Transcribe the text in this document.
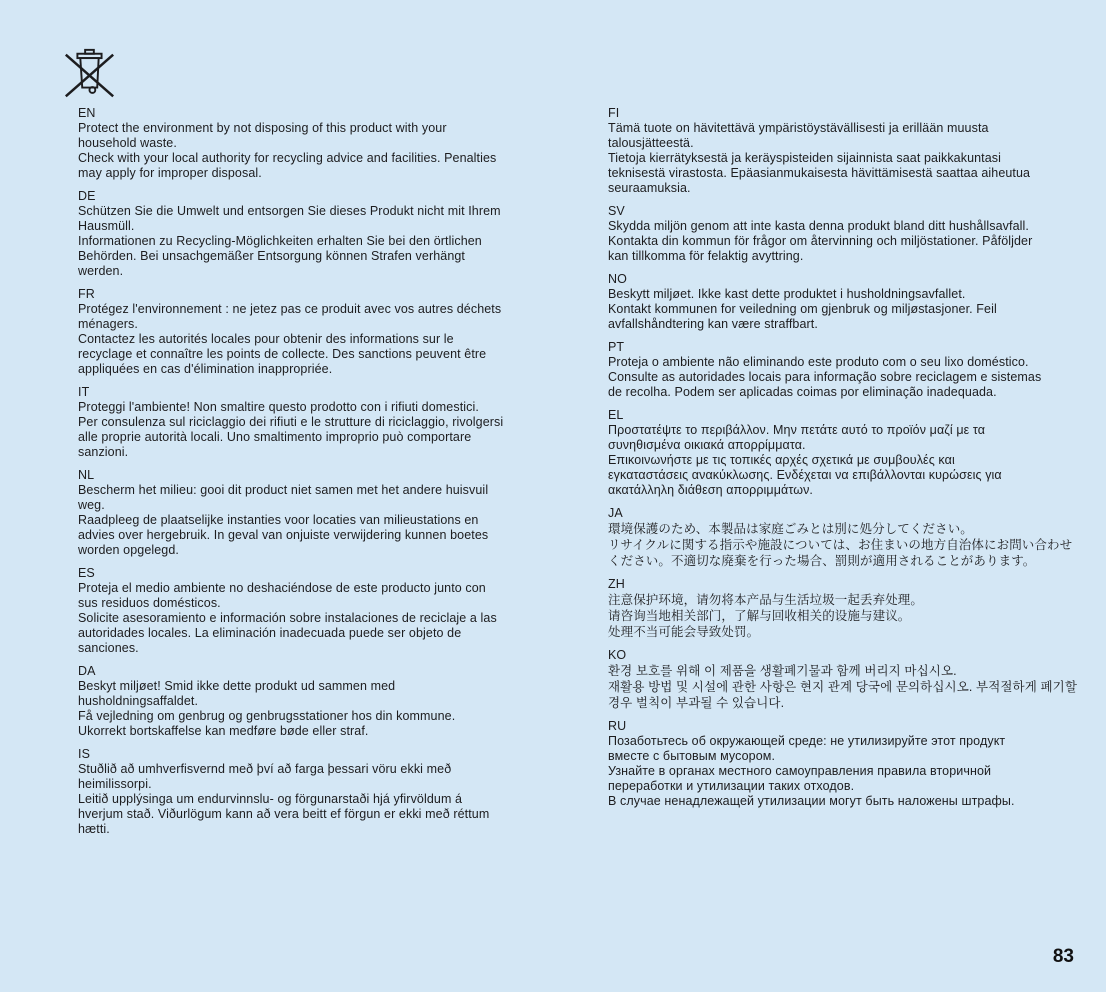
EN
Protect the environment by not disposing of this product with your
household waste.
Check with your local authority for recycling advice and facilities. Penalties
may apply for improper disposal.
DE
Schützen Sie die Umwelt und entsorgen Sie dieses Produkt nicht mit Ihrem
Hausmüll.
Informationen zu Recycling-Möglichkeiten erhalten Sie bei den örtlichen
Behörden. Bei unsachgemäßer Entsorgung können Strafen verhängt
werden.
FR
Protégez l'environnement : ne jetez pas ce produit avec vos autres déchets
ménagers.
Contactez les autorités locales pour obtenir des informations sur le
recyclage et connaître les points de collecte. Des sanctions peuvent être
appliquées en cas d'élimination inappropriée.
IT
Proteggi l'ambiente! Non smaltire questo prodotto con i rifiuti domestici.
Per consulenza sul riciclaggio dei rifiuti e le strutture di riciclaggio, rivolgersi
alle proprie autorità locali. Uno smaltimento improprio può comportare
sanzioni.
NL
Bescherm het milieu: gooi dit product niet samen met het andere huisvuil
weg.
Raadpleeg de plaatselijke instanties voor locaties van milieustations en
advies over hergebruik. In geval van onjuiste verwijdering kunnen boetes
worden opgelegd.
ES
Proteja el medio ambiente no deshaciéndose de este producto junto con
sus residuos domésticos.
Solicite asesoramiento e información sobre instalaciones de reciclaje a las
autoridades locales. La eliminación inadecuada puede ser objeto de
sanciones.
DA
Beskyt miljøet! Smid ikke dette produkt ud sammen med
husholdningsaffaldet.
Få vejledning om genbrug og genbrugsstationer hos din kommune.
Ukorrekt bortskaffelse kan medføre bøde eller straf.
IS
Stuðlið að umhverfisvernd með því að farga þessari vöru ekki með
heimilissorpi.
Leitið upplýsinga um endurvinnslu- og förgunarstaði hjá yfirvöldum á
hverjum stað. Viðurlögum kann að vera beitt ef förgun er ekki með réttum
hætti.
FI
Tämä tuote on hävitettävä ympäristöystävällisesti ja erillään muusta
talousjätteestä.
Tietoja kierrätyksestä ja keräyspisteiden sijainnista saat paikkakuntasi
teknisestä virastosta. Epäasianmukaisesta hävittämisestä saattaa aiheutua
seuraamuksia.
SV
Skydda miljön genom att inte kasta denna produkt bland ditt hushållsavfall.
Kontakta din kommun för frågor om återvinning och miljöstationer. Påföljder
kan tillkomma för felaktig avyttring.
NO
Beskytt miljøet. Ikke kast dette produktet i husholdningsavfallet.
Kontakt kommunen for veiledning om gjenbruk og miljøstasjoner. Feil
avfallshåndtering kan være straffbart.
PT
Proteja o ambiente não eliminando este produto com o seu lixo doméstico.
Consulte as autoridades locais para informação sobre reciclagem e sistemas
de recolha. Podem ser aplicadas coimas por eliminação inadequada.
EL
Προστατέψτε το περιβάλλον. Μην πετάτε αυτό το προϊόν μαζί με τα
συνηθισμένα οικιακά απορρίμματα.
Επικοινωνήστε με τις τοπικές αρχές σχετικά με συμβουλές και
εγκαταστάσεις ανακύκλωσης. Ενδέχεται να επιβάλλονται κυρώσεις για
ακατάλληλη διάθεση απορριμμάτων.
JA
環境保護のため、本製品は家庭ごみとは別に処分してください。
リサイクルに関する指示や施設については、お住まいの地方自治体にお問い合わせ
ください。不適切な廃棄を行った場合、罰則が適用されることがあります。
ZH
注意保护环境，请勿将本产品与生活垃圾一起丢弃处理。
请咨询当地相关部门，了解与回收相关的设施与建议。
处理不当可能会导致处罚。
KO
환경 보호를 위해 이 제품을 생활폐기물과 함께 버리지 마십시오.
재활용 방법 및 시설에 관한 사항은 현지 관계 당국에 문의하십시오. 부적절하게 폐기할
경우 벌칙이 부과될 수 있습니다.
RU
Позаботьтесь об окружающей среде: не утилизируйте этот продукт
вместе с бытовым мусором.
Узнайте в органах местного самоуправления правила вторичной
переработки и утилизации таких отходов.
В случае ненадлежащей утилизации могут быть наложены штрафы.
83
